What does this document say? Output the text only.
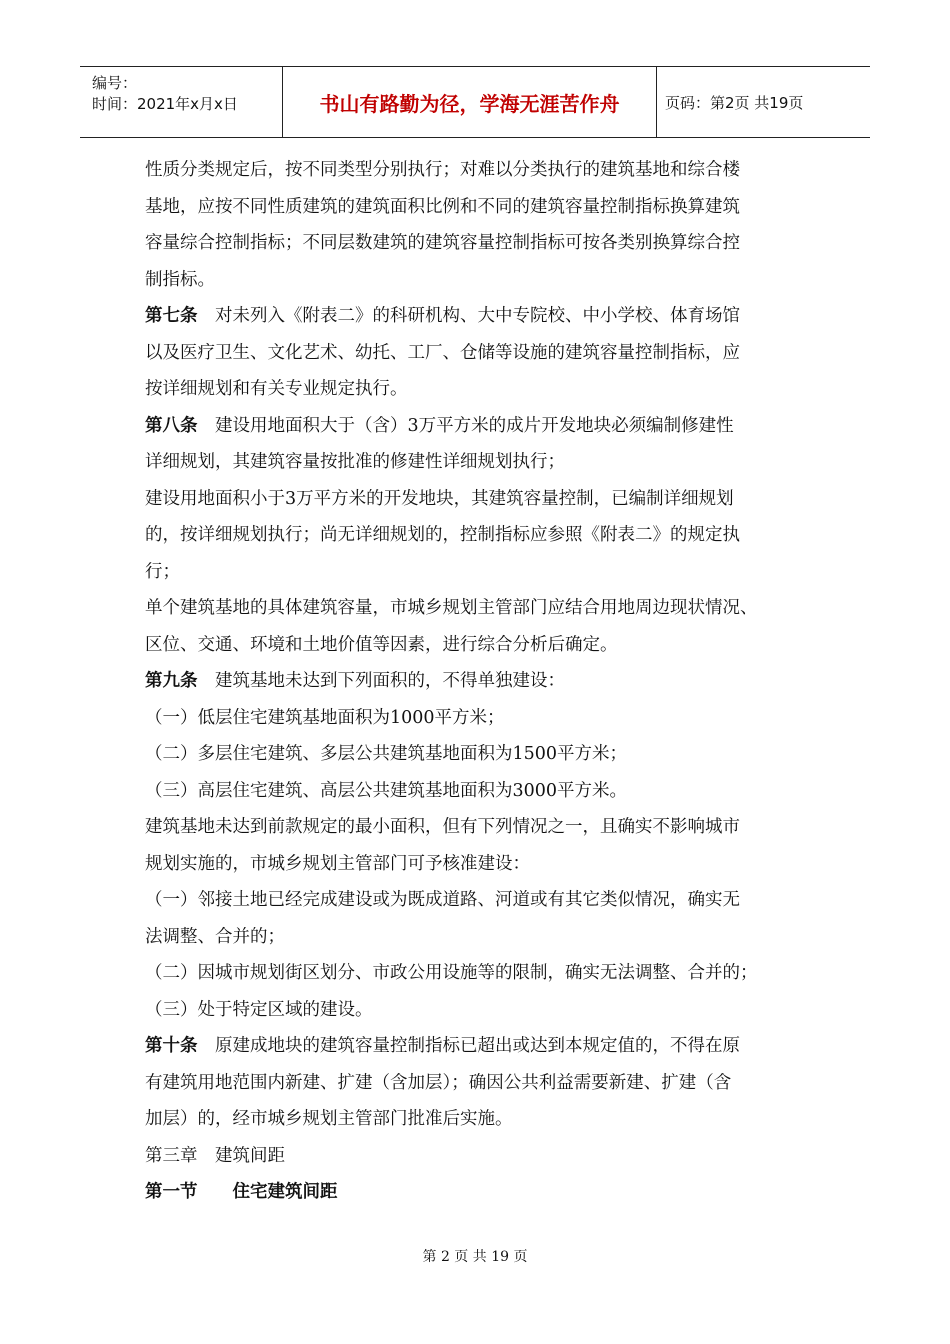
编号：
时间：2021年x月x日	书山有路勤为径，学海无涯苦作舟	页码：第2页 共19页

性质分类规定后，按不同类型分别执行；对难以分类执行的建筑基地和综合楼

基地，应按不同性质建筑的建筑面积比例和不同的建筑容量控制指标换算建筑

容量综合控制指标；不同层数建筑的建筑容量控制指标可按各类别换算综合控

制指标。

第七条　对未列入《附表二》的科研机构、大中专院校、中小学校、体育场馆

以及医疗卫生、文化艺术、幼托、工厂、仓储等设施的建筑容量控制指标，应

按详细规划和有关专业规定执行。

第八条　建设用地面积大于（含）3万平方米的成片开发地块必须编制修建性

详细规划，其建筑容量按批准的修建性详细规划执行；

建设用地面积小于3万平方米的开发地块，其建筑容量控制，已编制详细规划

的，按详细规划执行；尚无详细规划的，控制指标应参照《附表二》的规定执

行；

单个建筑基地的具体建筑容量，市城乡规划主管部门应结合用地周边现状情况、

区位、交通、环境和土地价值等因素，进行综合分析后确定。

第九条　建筑基地未达到下列面积的，不得单独建设：

（一）低层住宅建筑基地面积为1000平方米；

（二）多层住宅建筑、多层公共建筑基地面积为1500平方米；

（三）高层住宅建筑、高层公共建筑基地面积为3000平方米。

建筑基地未达到前款规定的最小面积，但有下列情况之一，且确实不影响城市

规划实施的，市城乡规划主管部门可予核准建设：

（一）邻接土地已经完成建设或为既成道路、河道或有其它类似情况，确实无

法调整、合并的；

（二）因城市规划街区划分、市政公用设施等的限制，确实无法调整、合并的；

（三）处于特定区域的建设。

第十条　原建成地块的建筑容量控制指标已超出或达到本规定值的，不得在原

有建筑用地范围内新建、扩建（含加层）；确因公共利益需要新建、扩建（含

加层）的，经市城乡规划主管部门批准后实施。

第三章　建筑间距

第一节　　住宅建筑间距

第 2 页 共 19 页
